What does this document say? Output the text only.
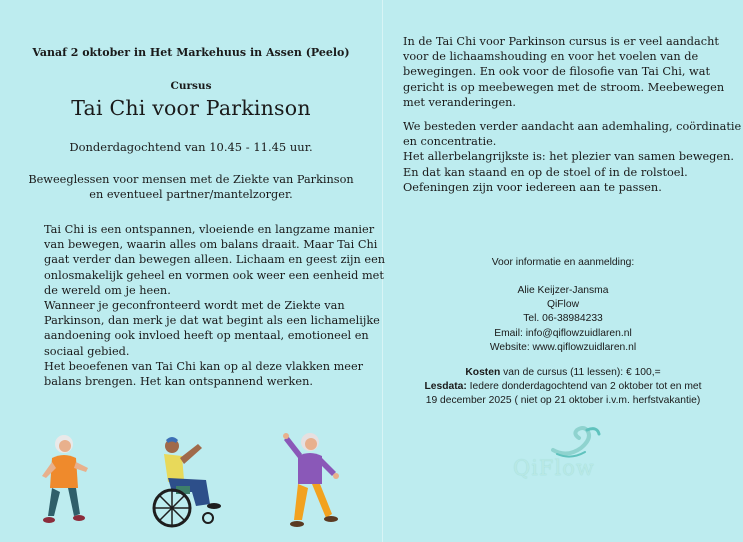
Vanaf 2 oktober in Het Markehuus in Assen (Peelo)
Cursus
Tai Chi voor Parkinson
Donderdagochtend van 10.45 - 11.45 uur.
Beweeglessen voor mensen met de Ziekte van Parkinson
en eventueel partner/mantelzorger.
Tai Chi is een ontspannen, vloeiende en langzame manier
van bewegen, waarin alles om balans draait. Maar Tai Chi
gaat verder dan bewegen alleen. Lichaam en geest zijn een
onlosmakelijk geheel en vormen ook weer een eenheid met
de wereld om je heen.
Wanneer je geconfronteerd wordt met de Ziekte van
Parkinson, dan merk je dat wat begint als een lichamelijke
aandoening ook invloed heeft op mentaal, emotioneel en
sociaal gebied.
Het beoefenen van Tai Chi kan op al deze vlakken meer
balans brengen. Het kan ontspannend werken.
In de Tai Chi voor Parkinson cursus is er veel aandacht
voor de lichaamshouding en voor het voelen van de
bewegingen. En ook voor de filosofie van Tai Chi, wat
gericht is op meebewegen met de stroom. Meebewegen
met veranderingen.
We besteden verder aandacht aan ademhaling, coördinatie
en concentratie.
Het allerbelangrijkste is: het plezier van samen bewegen.
En dat kan staand en op de stoel of in de rolstoel.
Oefeningen zijn voor iedereen aan te passen.
Voor informatie en aanmelding:
Alie Keijzer-Jansma
QiFlow
Tel. 06-38984233
Email: info@qiflowzuidlaren.nl
Website: www.qiflowzuidlaren.nl
Kosten van de cursus (11 lessen): € 100,=
Lesdata: Iedere donderdagochtend van 2 oktober tot en met
19 december 2025 ( niet op 21 oktober i.v.m. herfstvakantie)
QiFlow
